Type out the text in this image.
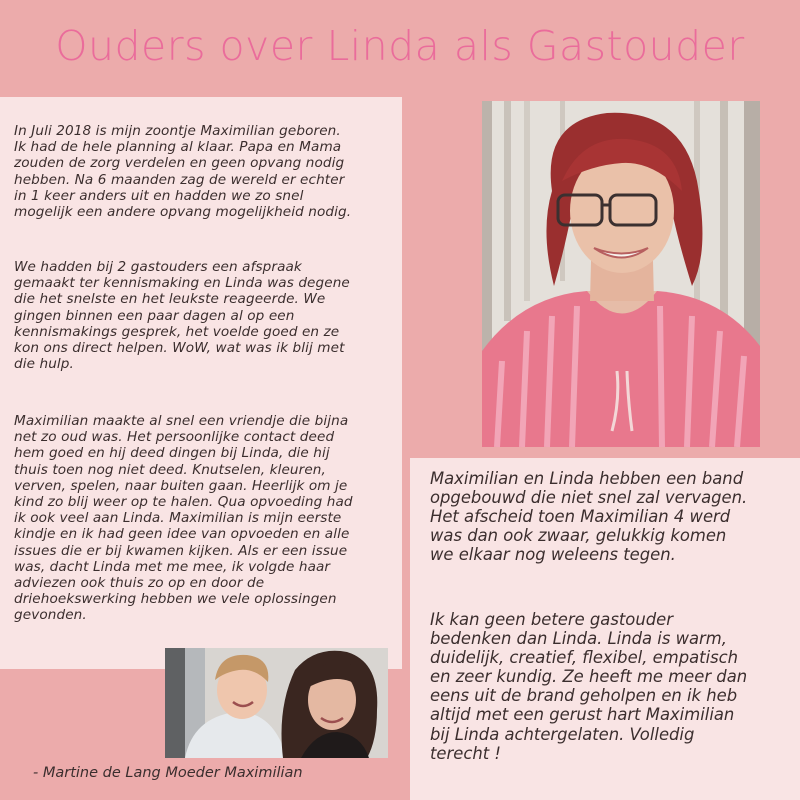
Ouders over Linda als Gastouder
In Juli 2018 is mijn zoontje Maximilian geboren.
Ik had de hele planning al klaar. Papa en Mama
zouden de zorg verdelen en geen opvang nodig
hebben. Na 6 maanden zag de wereld er echter
in 1 keer anders uit en hadden we zo snel
mogelijk een andere opvang mogelijkheid nodig.
We hadden bij 2 gastouders een afspraak
gemaakt ter kennismaking en Linda was degene
die het snelste en het leukste reageerde. We
gingen binnen een paar dagen al op een
kennismakings gesprek, het voelde goed en ze
kon ons direct helpen. WoW, wat was ik blij met
die hulp.
Maximilian maakte al snel een vriendje die bijna
net zo oud was. Het persoonlijke contact deed
hem goed en hij deed dingen bij Linda, die hij
thuis toen nog niet deed. Knutselen, kleuren,
verven, spelen, naar buiten gaan. Heerlijk om je
kind zo blij weer op te halen. Qua opvoeding had
ik ook veel aan Linda. Maximilian is mijn eerste
kindje en ik had geen idee van opvoeden en alle
issues die er bij kwamen kijken. Als er een issue
was, dacht Linda met me mee, ik volgde haar
adviezen ook thuis zo op en door de
driehoekswerking hebben we vele oplossingen
gevonden.
Maximilian en Linda hebben een band
opgebouwd die niet snel zal vervagen.
Het afscheid toen Maximilian 4 werd
was dan ook zwaar, gelukkig komen
we elkaar nog weleens tegen.
Ik kan geen betere gastouder
bedenken dan Linda. Linda is warm,
duidelijk, creatief, flexibel, empatisch
en zeer kundig. Ze heeft me meer dan
eens uit de brand geholpen en ik heb
altijd met een gerust hart Maximilian
bij Linda achtergelaten. Volledig
terecht !
- Martine de Lang Moeder Maximilian
